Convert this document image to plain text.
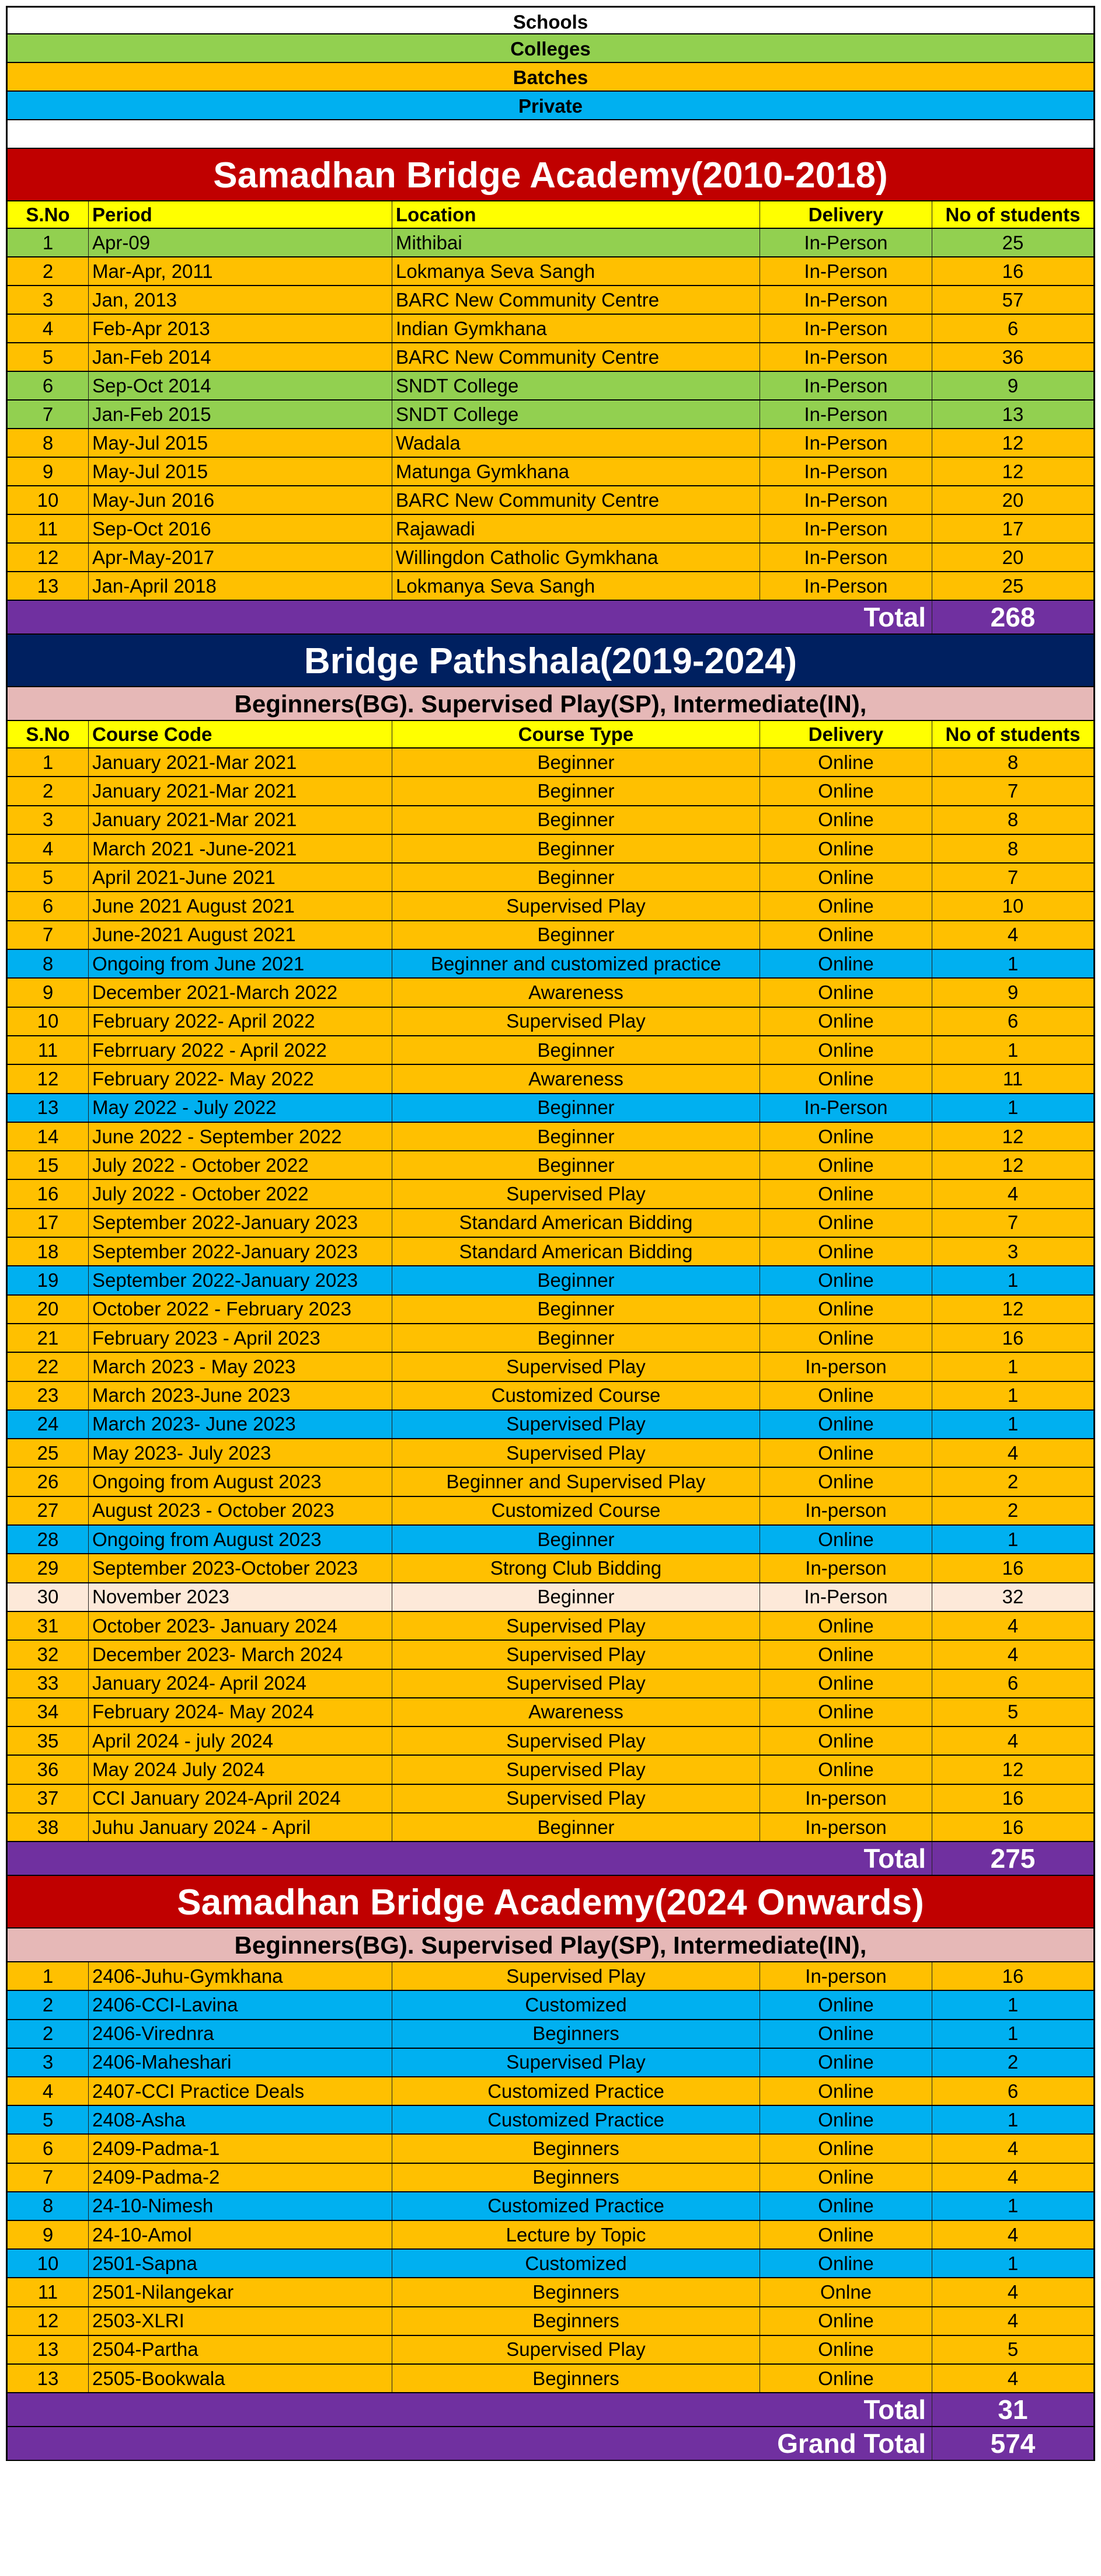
Schools
Colleges
Batches
Private
Samadhan Bridge Academy(2010-2018)
S.No	Period	Location	Delivery	No of students
1	Apr-09	Mithibai	In-Person	25
2	Mar-Apr, 2011	Lokmanya Seva Sangh	In-Person	16
3	Jan, 2013	BARC New Community Centre	In-Person	57
4	Feb-Apr 2013	Indian Gymkhana	In-Person	6
5	Jan-Feb 2014	BARC New Community Centre	In-Person	36
6	Sep-Oct 2014	SNDT College	In-Person	9
7	Jan-Feb 2015	SNDT College	In-Person	13
8	May-Jul 2015	Wadala	In-Person	12
9	May-Jul 2015	Matunga Gymkhana	In-Person	12
10	May-Jun 2016	BARC New Community Centre	In-Person	20
11	Sep-Oct 2016	Rajawadi	In-Person	17
12	Apr-May-2017	Willingdon Catholic Gymkhana	In-Person	20
13	Jan-April 2018	Lokmanya Seva Sangh	In-Person	25
Total	268
Bridge Pathshala(2019-2024)
Beginners(BG). Supervised Play(SP), Intermediate(IN),
S.No	Course Code	Course Type	Delivery	No of students
1	January 2021-Mar 2021	Beginner	Online	8
2	January 2021-Mar 2021	Beginner	Online	7
3	January 2021-Mar 2021	Beginner	Online	8
4	March 2021 -June-2021	Beginner	Online	8
5	April 2021-June 2021	Beginner	Online	7
6	June 2021 August 2021	Supervised Play	Online	10
7	June-2021 August 2021	Beginner	Online	4
8	Ongoing from June 2021	Beginner and customized practice	Online	1
9	December 2021-March 2022	Awareness	Online	9
10	February 2022- April 2022	Supervised Play	Online	6
11	Febrruary 2022 - April 2022	Beginner	Online	1
12	February 2022- May 2022	Awareness	Online	11
13	May 2022 - July 2022	Beginner	In-Person	1
14	June 2022 - September 2022	Beginner	Online	12
15	July 2022 - October 2022	Beginner	Online	12
16	July 2022 - October 2022	Supervised Play	Online	4
17	September 2022-January 2023	Standard American Bidding	Online	7
18	September 2022-January 2023	Standard American Bidding	Online	3
19	September 2022-January 2023	Beginner	Online	1
20	October 2022 - February 2023	Beginner	Online	12
21	February 2023 - April 2023	Beginner	Online	16
22	March 2023 - May 2023	Supervised Play	In-person	1
23	March 2023-June 2023	Customized Course	Online	1
24	March 2023- June 2023	Supervised Play	Online	1
25	May 2023- July 2023	Supervised Play	Online	4
26	Ongoing from August 2023	Beginner and Supervised Play	Online	2
27	August 2023 - October 2023	Customized Course	In-person	2
28	Ongoing from August 2023	Beginner	Online	1
29	September 2023-October 2023	Strong Club Bidding	In-person	16
30	November 2023	Beginner	In-Person	32
31	October 2023- January 2024	Supervised Play	Online	4
32	December 2023- March 2024	Supervised Play	Online	4
33	January 2024- April 2024	Supervised Play	Online	6
34	February 2024- May 2024	Awareness	Online	5
35	April 2024 - july 2024	Supervised Play	Online	4
36	May 2024 July 2024	Supervised Play	Online	12
37	CCI January 2024-April 2024	Supervised Play	In-person	16
38	Juhu January 2024 - April	Beginner	In-person	16
Total	275
Samadhan Bridge Academy(2024 Onwards)
Beginners(BG). Supervised Play(SP), Intermediate(IN),
1	2406-Juhu-Gymkhana	Supervised Play	In-person	16
2	2406-CCI-Lavina	Customized	Online	1
2	2406-Virednra	Beginners	Online	1
3	2406-Maheshari	Supervised Play	Online	2
4	2407-CCI Practice Deals	Customized Practice	Online	6
5	2408-Asha	Customized Practice	Online	1
6	2409-Padma-1	Beginners	Online	4
7	2409-Padma-2	Beginners	Online	4
8	24-10-Nimesh	Customized Practice	Online	1
9	24-10-Amol	Lecture by Topic	Online	4
10	2501-Sapna	Customized	Online	1
11	2501-Nilangekar	Beginners	Onlne	4
12	2503-XLRI	Beginners	Online	4
13	2504-Partha	Supervised Play	Online	5
13	2505-Bookwala	Beginners	Online	4
Total	31
Grand Total	574
